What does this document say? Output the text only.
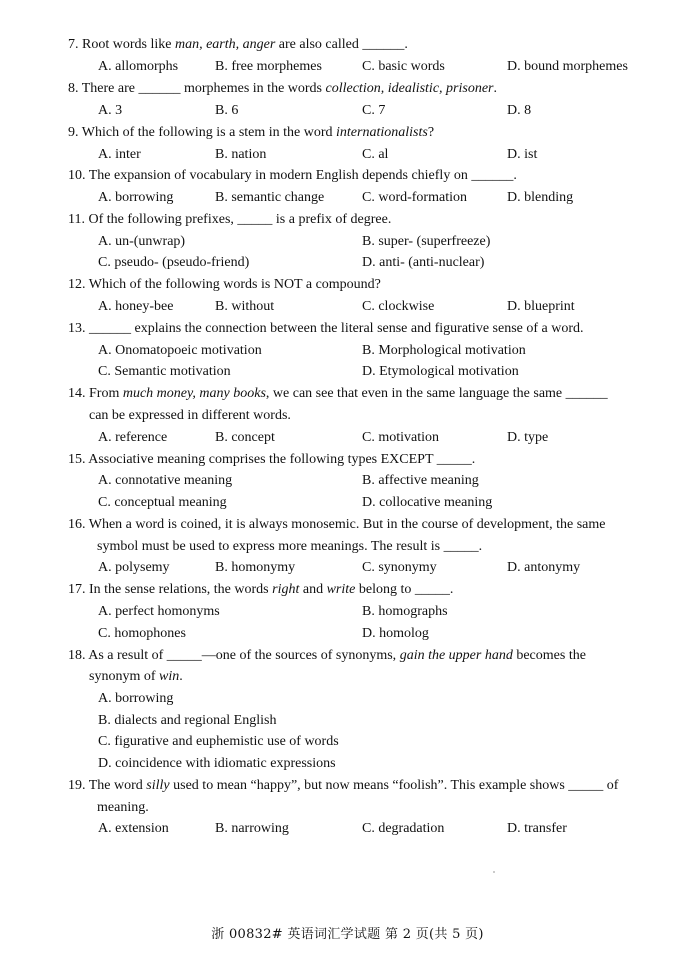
7. Root words like man, earth, anger are also called ______.
A. allomorphs	B. free morphemes	C. basic words	D. bound morphemes
8. There are ______ morphemes in the words collection, idealistic, prisoner.
A. 3	B. 6	C. 7	D. 8
9. Which of the following is a stem in the word internationalists?
A. inter	B. nation	C. al	D. ist
10. The expansion of vocabulary in modern English depends chiefly on ______.
A. borrowing	B. semantic change	C. word-formation	D. blending
11. Of the following prefixes, _____ is a prefix of degree.
A. un-(unwrap)	B. super- (superfreeze)
C. pseudo- (pseudo-friend)	D. anti- (anti-nuclear)
12. Which of the following words is NOT a compound?
A. honey-bee	B. without	C. clockwise	D. blueprint
13. ______ explains the connection between the literal sense and figurative sense of a word.
A. Onomatopoeic motivation	B. Morphological motivation
C. Semantic motivation	D. Etymological motivation
14. From much money, many books, we can see that even in the same language the same ______
can be expressed in different words.
A. reference	B. concept	C. motivation	D. type
15. Associative meaning comprises the following types EXCEPT _____.
A. connotative meaning	B. affective meaning
C. conceptual meaning	D. collocative meaning
16. When a word is coined, it is always monosemic. But in the course of development, the same
symbol must be used to express more meanings. The result is _____.
A. polysemy	B. homonymy	C. synonymy	D. antonymy
17. In the sense relations, the words right and write belong to _____.
A. perfect homonyms	B. homographs
C. homophones	D. homolog
18. As a result of _____—one of the sources of synonyms, gain the upper hand becomes the
synonym of win.
A. borrowing
B. dialects and regional English
C. figurative and euphemistic use of words
D. coincidence with idiomatic expressions
19. The word silly used to mean “happy”, but now means “foolish”. This example shows _____ of
meaning.
A. extension	B. narrowing	C. degradation	D. transfer
浙 00832# 英语词汇学试题 第 2 页(共 5 页)
